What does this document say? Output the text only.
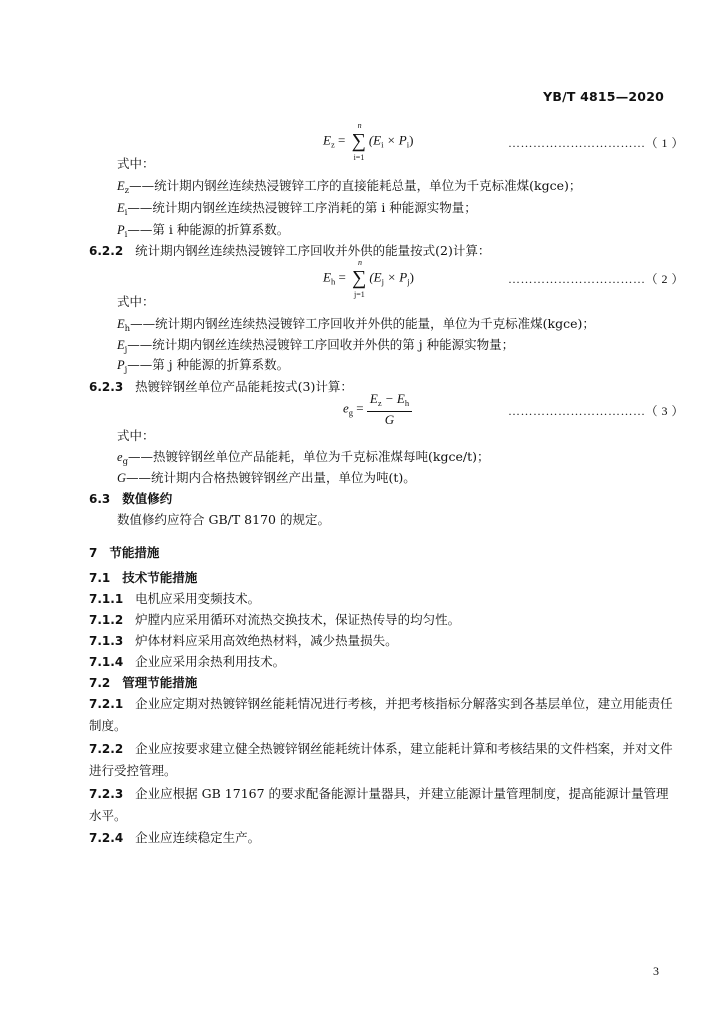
YB/T 4815—2020
$E_z$ = ∑
n
i=1
$(E_i \times P_i)$	……………………………（ 1 ）
式中：
$E_z——$统计期内钢丝连续热浸镀锌工序的直接能耗总量，单位为千克标准煤(kgce)；
$E_i——$统计期内钢丝连续热浸镀锌工序消耗的第 i 种能源实物量；
$P_i——$第 i 种能源的折算系数。
6.2.2 统计期内钢丝连续热浸镀锌工序回收并外供的能量按式(2)计算：
$E_h$ = ∑
n
j=1
$(E_j \times P_j)$	……………………………（ 2 ）
式中：
$E_h——$统计期内钢丝连续热浸镀锌工序回收并外供的能量，单位为千克标准煤(kgce)；
$E_j——$统计期内钢丝连续热浸镀锌工序回收并外供的第 j 种能源实物量；
$P_j——$第 j 种能源的折算系数。
6.2.3 热镀锌钢丝单位产品能耗按式(3)计算：
$e_g = \frac{E_z - E_h}{G}$	……………………………（ 3 ）
式中：
$e_g——$热镀锌钢丝单位产品能耗，单位为千克标准煤每吨(kgce/t)；
G——统计期内合格热镀锌钢丝产出量，单位为吨(t)。
6.3 数值修约
数值修约应符合 GB/T 8170 的规定。
7 节能措施
7.1 技术节能措施
7.1.1 电机应采用变频技术。
7.1.2 炉膛内应采用循环对流热交换技术，保证热传导的均匀性。
7.1.3 炉体材料应采用高效绝热材料，减少热量损失。
7.1.4 企业应采用余热利用技术。
7.2 管理节能措施
7.2.1 企业应定期对热镀锌钢丝能耗情况进行考核，并把考核指标分解落实到各基层单位，建立用能责任制度。
7.2.2 企业应按要求建立健全热镀锌钢丝能耗统计体系，建立能耗计算和考核结果的文件档案，并对文件进行受控管理。
7.2.3 企业应根据 GB 17167 的要求配备能源计量器具，并建立能源计量管理制度，提高能源计量管理水平。
7.2.4 企业应连续稳定生产。
3
